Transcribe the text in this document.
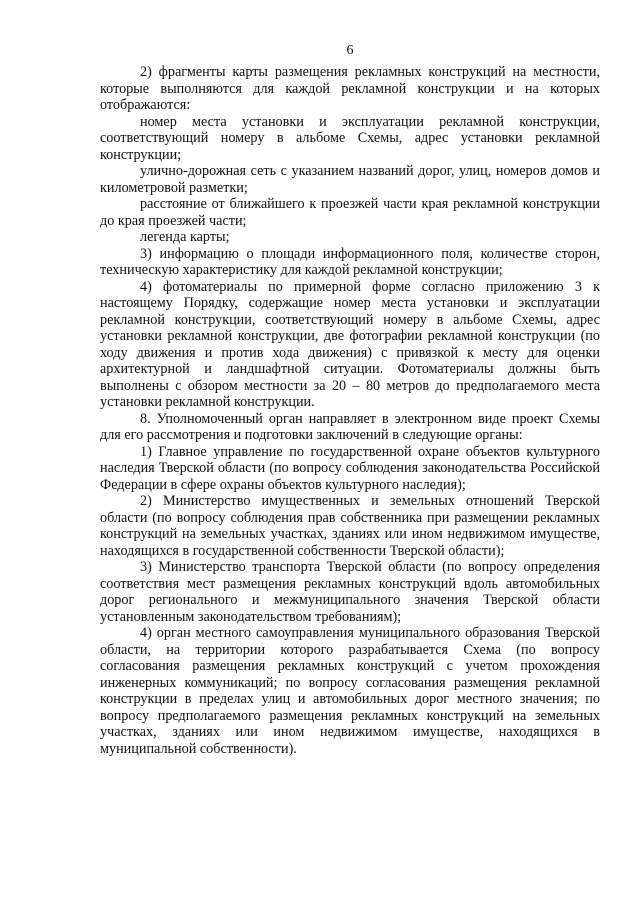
6

2) фрагменты карты размещения рекламных конструкций на местности, которые выполняются для каждой рекламной конструкции и на которых отображаются:

номер места установки и эксплуатации рекламной конструкции, соответствующий номеру в альбоме Схемы, адрес установки рекламной конструкции;

улично-дорожная сеть с указанием названий дорог, улиц, номеров домов и километровой разметки;

расстояние от ближайшего к проезжей части края рекламной конструкции до края проезжей части;

легенда карты;

3) информацию о площади информационного поля, количестве сторон, техническую характеристику для каждой рекламной конструкции;

4) фотоматериалы по примерной форме согласно приложению 3 к настоящему Порядку, содержащие номер места установки и эксплуатации рекламной конструкции, соответствующий номеру в альбоме Схемы, адрес установки рекламной конструкции, две фотографии рекламной конструкции (по ходу движения и против хода движения) с привязкой к месту для оценки архитектурной и ландшафтной ситуации. Фотоматериалы должны быть выполнены с обзором местности за 20 – 80 метров до предполагаемого места установки рекламной конструкции.

8. Уполномоченный орган направляет в электронном виде проект Схемы для его рассмотрения и подготовки заключений в следующие органы:

1) Главное управление по государственной охране объектов культурного наследия Тверской области (по вопросу соблюдения законодательства Российской Федерации в сфере охраны объектов культурного наследия);

2) Министерство имущественных и земельных отношений Тверской области (по вопросу соблюдения прав собственника при размещении рекламных конструкций на земельных участках, зданиях или ином недвижимом имуществе, находящихся в государственной собственности Тверской области);

3) Министерство транспорта Тверской области (по вопросу определения соответствия мест размещения рекламных конструкций вдоль автомобильных дорог регионального и межмуниципального значения Тверской области установленным законодательством требованиям);

4) орган местного самоуправления муниципального образования Тверской области, на территории которого разрабатывается Схема (по вопросу согласования размещения рекламных конструкций с учетом прохождения инженерных коммуникаций; по вопросу согласования размещения рекламной конструкции в пределах улиц и автомобильных дорог местного значения; по вопросу предполагаемого размещения рекламных конструкций на земельных участках, зданиях или ином недвижимом имуществе, находящихся в муниципальной собственности).
